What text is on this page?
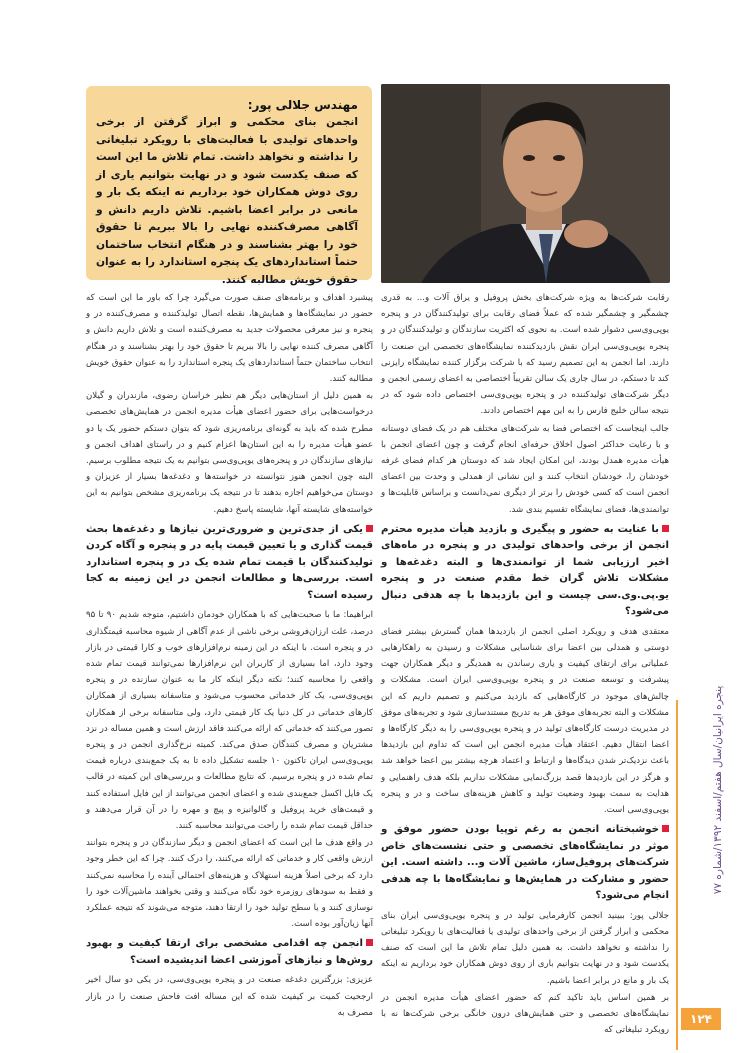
پنجره ایرانیان/سال هفتم/اسفند ۱۳۹۲/شماره ۷۷
۱۲۴
مهندس جلالی پور:
انجمن بنای محکمی و ابراز گرفتن از برخی واحدهای تولیدی با فعالیت‌های با رویکرد تبلیغاتی را نداشته و نخواهد داشت. تمام تلاش ما این است که صنف یکدست شود و در نهایت بتوانیم یاری از روی دوش همکاران خود برداریم نه اینکه یک بار و مانعی در برابر اعضا باشیم. تلاش داریم دانش و آگاهی مصرف‌کننده نهایی را بالا ببریم تا حقوق خود را بهتر بشناسند و در هنگام انتخاب ساختمان حتماً استانداردهای یک پنجره استاندارد را به عنوان حقوق خویش مطالبه کنند.

رقابت شرکت‌ها به ویژه شرکت‌های بخش پروفیل و یراق آلات و... به قدری چشمگیر و چشمگیر شده که عملاً فضای رقابت برای تولیدکنندگان در و پنجره یوپی‌وی‌سی دشوار شده است. به نحوی که اکثریت سازندگان و تولیدکنندگان در و پنجره یوپی‌وی‌سی ایران نقش بازدیدکننده نمایشگاه‌های تخصصی این صنعت را دارند. اما انجمن به این تصمیم رسید که با شرکت برگزار کننده نمایشگاه رایزنی کند تا دستکم، در سال جاری یک سالن تقریباً اختصاصی به اعضای رسمی انجمن و دیگر شرکت‌های تولیدکننده در و پنجره یوپی‌وی‌سی اختصاص داده شود که در نتیجه سالن خلیج فارس را به این مهم اختصاص دادند.

جالب اینجاست که اختصاص فضا به شرکت‌های مختلف هم در یک فضای دوستانه و با رعایت حداکثر اصول اخلاق حرفه‌ای انجام گرفت و چون اعضای انجمن با هیأت مدیره همدل بودند، این امکان ایجاد شد که دوستان هر کدام فضای غرفه خودشان را، خودشان انتخاب کنند و این نشانی از همدلی و وحدت بین اعضای انجمن است که کسی خودش را برتر از دیگری نمی‌دانست و براساس قابلیت‌ها و توانمندی‌ها، فضای نمایشگاه تقسیم بندی شد.

با عنایت به حضور و پیگیری و بازدید هیأت مدیره محترم انجمن از برخی واحدهای تولیدی در و پنجره در ماه‌های اخیر ارزیابی شما از توانمندی‌ها و البته دغدغه‌ها و مشکلات تلاش گران خط مقدم صنعت در و پنجره یو.پی.وی.سی چیست و این بازدیدها با چه هدفی دنبال می‌شود؟

معتقدی هدف و رویکرد اصلی انجمن از بازدیدها همان گسترش بیشتر فضای دوستی و همدلی بین اعضا برای شناسایی مشکلات و رسیدن به راهکارهایی عملیاتی برای ارتقای کیفیت و یاری رساندن به همدیگر و دیگر همکاران جهت پیشرفت و توسعه صنعت در و پنجره یوپی‌وی‌سی ایران است. مشکلات و چالش‌های موجود در کارگاه‌هایی که بازدید می‌کنیم و تصمیم داریم که این مشکلات و البته تجربه‌های موفق هر به تدریج مستندسازی شود و تجربه‌های موفق در مدیریت درست کارگاه‌های تولید در و پنجره یوپی‌وی‌سی را به دیگر کارگاه‌ها و اعضا انتقال دهیم. اعتقاد هیأت مدیره انجمن این است که تداوم این بازدیدها باعث نزدیک‌تر شدن دیدگاه‌ها و ارتباط و اعتماد هرچه بیشتر بین اعضا خواهد شد و هرگز در این بازدیدها قصد بزرگ‌نمایی مشکلات نداریم بلکه هدف راهنمایی و هدایت به سمت بهبود وضعیت تولید و کاهش هزینه‌های ساخت و در و پنجره یوپی‌وی‌سی است.

خوشبختانه انجمن به رغم توپیا بودن حضور موفق و موثر در نمایشگاه‌های تخصصی و حتی نشست‌های خاص شرکت‌های پروفیل‌ساز، ماشین آلات و... داشته است. این حضور و مشارکت در همایش‌ها و نمایشگاه‌ها با چه هدفی انجام می‌شود؟

جلالی پور: ببینید انجمن کارفرمایی تولید در و پنجره یوپی‌وی‌سی ایران بنای محکمی و ابراز گرفتن از برخی واحدهای تولیدی یا فعالیت‌های با رویکرد تبلیغاتی را نداشته و نخواهد داشت. به همین دلیل تمام تلاش ما این است که صنف یکدست شود و در نهایت بتوانیم باری از روی دوش همکاران خود برداریم نه اینکه یک بار و مانع در برابر اعضا باشیم.

بر همین اساس باید تاکید کنم که حضور اعضای هیأت مدیره انجمن در نمایشگاه‌های تخصصی و حتی همایش‌های درون خانگی برخی شرکت‌ها نه با رویکرد تبلیغاتی که

پیشبرد اهداف و برنامه‌های صنف صورت می‌گیرد چرا که باور ما این است که حضور در نمایشگاه‌ها و همایش‌ها، نقطه اتصال تولیدکننده و مصرف‌کننده در و پنجره و نیز معرفی محصولات جدید به مصرف‌کننده است و تلاش داریم دانش و آگاهی مصرف کننده نهایی را بالا ببریم تا حقوق خود را بهتر بشناسند و در هنگام انتخاب ساختمان حتماً استانداردهای یک پنجره استاندارد را به عنوان حقوق خویش مطالبه کنند.

به همین دلیل از استان‌هایی دیگر هم نظیر خراسان رضوی، مازندران و گیلان درخواست‌هایی برای حضور اعضای هیأت مدیره انجمن در همایش‌های تخصصی مطرح شده که باید به گونه‌ای برنامه‌ریزی شود که بتوان دستکم حضور یک یا دو عضو هیأت مدیره را به این استان‌ها اعزام کنیم و در راستای اهداف انجمن و نیازهای سازندگان در و پنجره‌های یوپی‌وی‌سی بتوانیم به یک نتیجه مطلوب برسیم. البته چون انجمن هنوز نتوانسته در خواسته‌ها و دغدغه‌ها بسیار از عزیزان و دوستان می‌خواهیم اجازه بدهند تا در نتیجه یک برنامه‌ریزی مشخص بتوانیم به این خواسته‌های شایسته آنها، شایسته پاسخ دهیم.

یکی از جدی‌ترین و ضروری‌ترین نیازها و دغدغه‌ها بحث قیمت گذاری و یا تعیین قیمت پایه در و پنجره و آگاه کردن تولیدکنندگان با قیمت تمام شده یک در و پنجره استاندارد است. بررسی‌ها و مطالعات انجمن در این زمینه به کجا رسیده است؟

ابراهیما: ما با صحبت‌هایی که با همکاران خودمان داشتیم، متوجه شدیم ۹۰ تا ۹۵ درصد، علت ارزان‌فروشی برخی ناشی از عدم آگاهی از شیوه محاسبه قیمتگذاری در و پنجره است. با اینکه در این زمینه نرم‌افزارهای خوب و کارا قیمتی در بازار وجود دارد، اما بسیاری از کاربران این نرم‌افزارها نمی‌توانند قیمت تمام شده واقعی را محاسبه کنند؛ نکته دیگر اینکه کار ما به عنوان سازنده در و پنجره یوپی‌وی‌سی، یک کار خدماتی محسوب می‌شود و متاسفانه بسیاری از همکاران کارهای خدماتی در کل دنیا یک کار قیمتی دارد، ولی متاسفانه برخی از همکاران تصور می‌کنند که خدماتی که ارائه می‌کنند فاقد ارزش است و همین مساله در نزد مشتریان و مصرف کنندگان صدق می‌کند. کمیته نرخ‌گذاری انجمن در و پنجره یوپی‌وی‌سی ایران تاکنون ۱۰ جلسه تشکیل داده تا به یک جمع‌بندی درباره قیمت تمام شده در و پنجره برسیم. که نتایج مطالعات و بررسی‌های این کمیته در قالب یک فایل اکسل جمع‌بندی شده و اعضای انجمن می‌توانند از این فایل استفاده کنند و قیمت‌های خرید پروفیل و گالوانیزه و پیچ و مهره را در آن قرار می‌دهند و حداقل قیمت تمام شده را راحت می‌توانند محاسبه کنند.

در واقع هدف ما این است که اعضای انجمن و دیگر سازندگان در و پنجره بتوانند ارزش واقعی کار و خدماتی که ارائه می‌کنند، را درک کنند. چرا که این خطر وجود دارد که برخی اصلاً هزینه استهلاک و هزینه‌های احتمالی آینده را محاسبه نمی‌کنند و فقط به سودهای روزمره خود نگاه می‌کنند و وقتی بخواهند ماشین‌آلات خود را نوسازی کنند و یا سطح تولید خود را ارتقا دهند، متوجه می‌شوند که نتیجه عملکرد آنها زیان‌آور بوده است.

انجمن چه اقدامی مشخصی برای ارتقا کیفیت و بهبود روش‌ها و نیازهای آموزشی اعضا اندیشیده است؟

عزیزی: بزرگترین دغدغه صنعت در و پنجره یوپی‌وی‌سی، در یکی دو سال اخیر ارجحیت کمیت بر کیفیت شده که این مساله افت فاحش صنعت را در بازار مصرف به
